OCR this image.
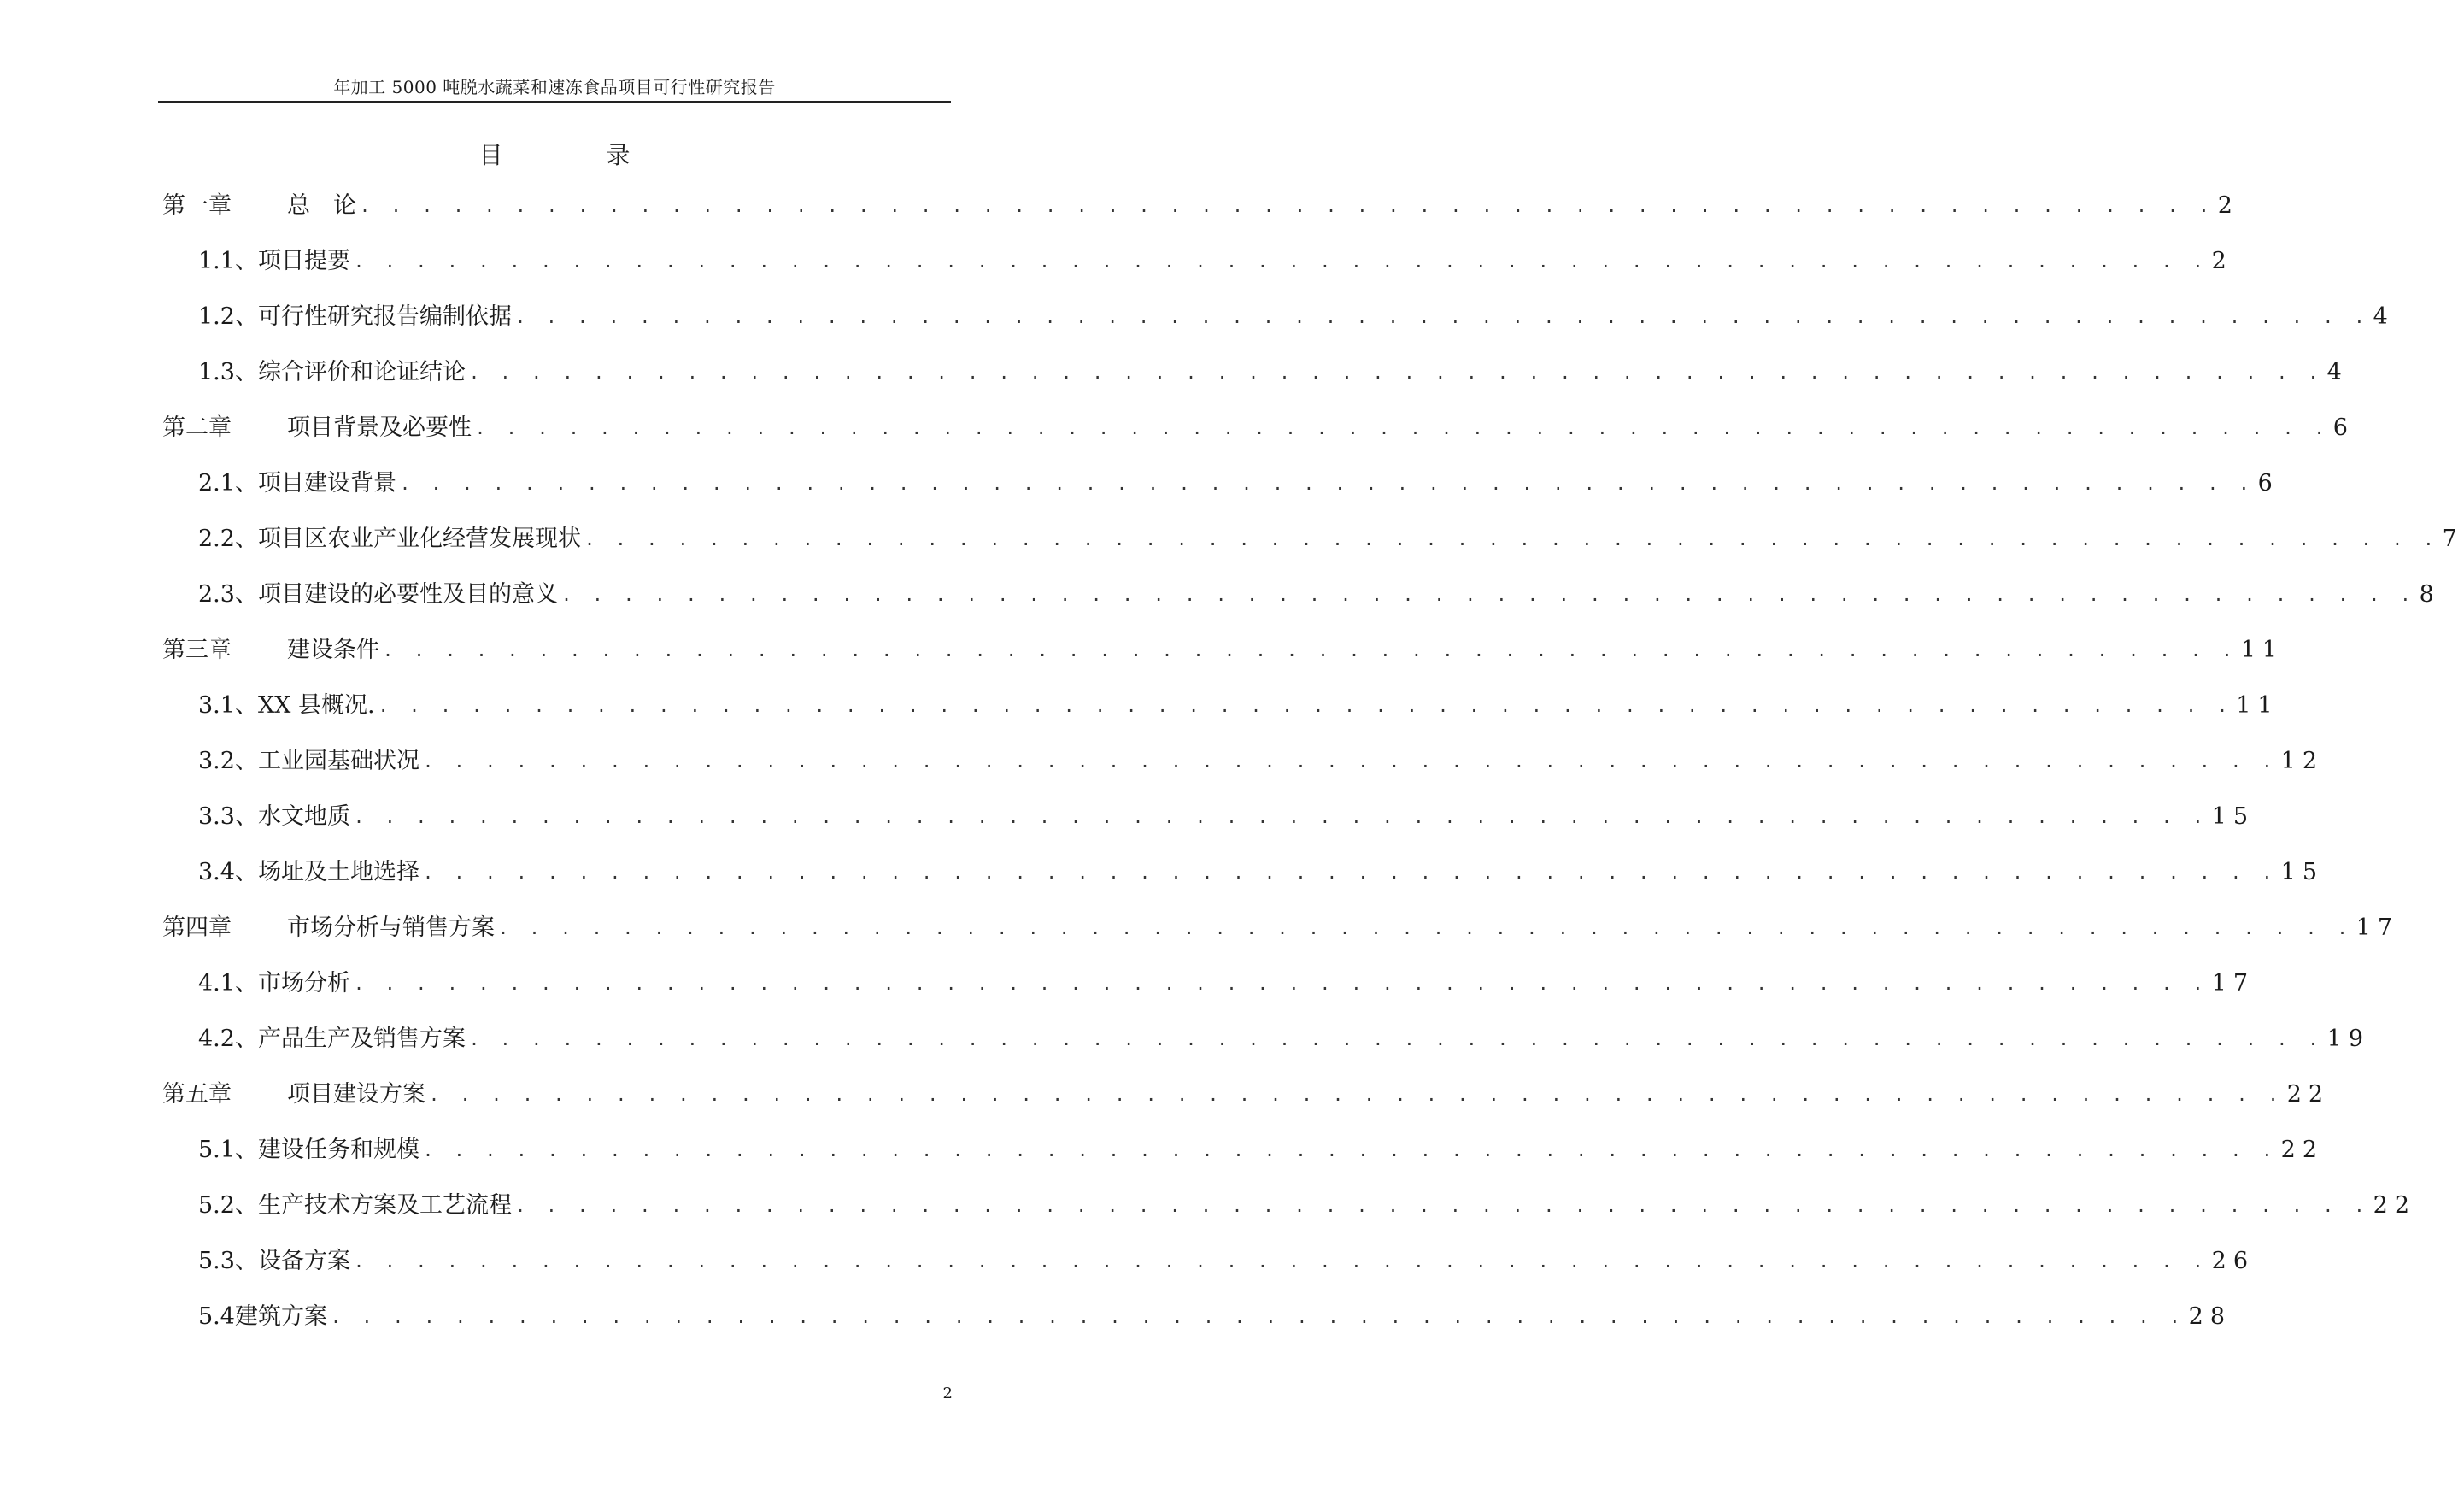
年加工 5000 吨脱水蔬菜和速冻食品项目可行性研究报告
目 录
第一章 总　论 . . . . . . . . . . . . . . . . . . . . . . . . . . . . . . . . . . . . . . . . . . . . . . . . . . . . . . . . . . . . 2
1.1、项目提要 . . . . . . . . . . . . . . . . . . . . . . . . . . . . . . . . . . . . . . . . . . . . . . . . . . . . . . . . . . . . 2
1.2、可行性研究报告编制依据 . . . . . . . . . . . . . . . . . . . . . . . . . . . . . . . . . . . . . . . . . . . . . . . . . . . . . . . . . . . . 4
1.3、综合评价和论证结论 . . . . . . . . . . . . . . . . . . . . . . . . . . . . . . . . . . . . . . . . . . . . . . . . . . . . . . . . . . . . 4
第二章 项目背景及必要性 . . . . . . . . . . . . . . . . . . . . . . . . . . . . . . . . . . . . . . . . . . . . . . . . . . . . . . . . . . . . 6
2.1、项目建设背景 . . . . . . . . . . . . . . . . . . . . . . . . . . . . . . . . . . . . . . . . . . . . . . . . . . . . . . . . . . . . 6
2.2、项目区农业产业化经营发展现状 . . . . . . . . . . . . . . . . . . . . . . . . . . . . . . . . . . . . . . . . . . . . . . . . . . . . . . . . . . . . 7
2.3、项目建设的必要性及目的意义 . . . . . . . . . . . . . . . . . . . . . . . . . . . . . . . . . . . . . . . . . . . . . . . . . . . . . . . . . . . . 8
第三章 建设条件 . . . . . . . . . . . . . . . . . . . . . . . . . . . . . . . . . . . . . . . . . . . . . . . . . . . . . . . . . . . . 11
3.1、XX 县概况. . . . . . . . . . . . . . . . . . . . . . . . . . . . . . . . . . . . . . . . . . . . . . . . . . . . . . . . . . . . . 11
3.2、工业园基础状况 . . . . . . . . . . . . . . . . . . . . . . . . . . . . . . . . . . . . . . . . . . . . . . . . . . . . . . . . . . . . 12
3.3、水文地质 . . . . . . . . . . . . . . . . . . . . . . . . . . . . . . . . . . . . . . . . . . . . . . . . . . . . . . . . . . . . 15
3.4、场址及土地选择 . . . . . . . . . . . . . . . . . . . . . . . . . . . . . . . . . . . . . . . . . . . . . . . . . . . . . . . . . . . . 15
第四章 市场分析与销售方案 . . . . . . . . . . . . . . . . . . . . . . . . . . . . . . . . . . . . . . . . . . . . . . . . . . . . . . . . . . . . 17
4.1、市场分析 . . . . . . . . . . . . . . . . . . . . . . . . . . . . . . . . . . . . . . . . . . . . . . . . . . . . . . . . . . . . 17
4.2、产品生产及销售方案 . . . . . . . . . . . . . . . . . . . . . . . . . . . . . . . . . . . . . . . . . . . . . . . . . . . . . . . . . . . . 19
第五章 项目建设方案 . . . . . . . . . . . . . . . . . . . . . . . . . . . . . . . . . . . . . . . . . . . . . . . . . . . . . . . . . . . . 22
5.1、建设任务和规模 . . . . . . . . . . . . . . . . . . . . . . . . . . . . . . . . . . . . . . . . . . . . . . . . . . . . . . . . . . . . 22
5.2、生产技术方案及工艺流程 . . . . . . . . . . . . . . . . . . . . . . . . . . . . . . . . . . . . . . . . . . . . . . . . . . . . . . . . . . . . 22
5.3、设备方案 . . . . . . . . . . . . . . . . . . . . . . . . . . . . . . . . . . . . . . . . . . . . . . . . . . . . . . . . . . . . 26
5.4建筑方案 . . . . . . . . . . . . . . . . . . . . . . . . . . . . . . . . . . . . . . . . . . . . . . . . . . . . . . . . . . . . 28
2
